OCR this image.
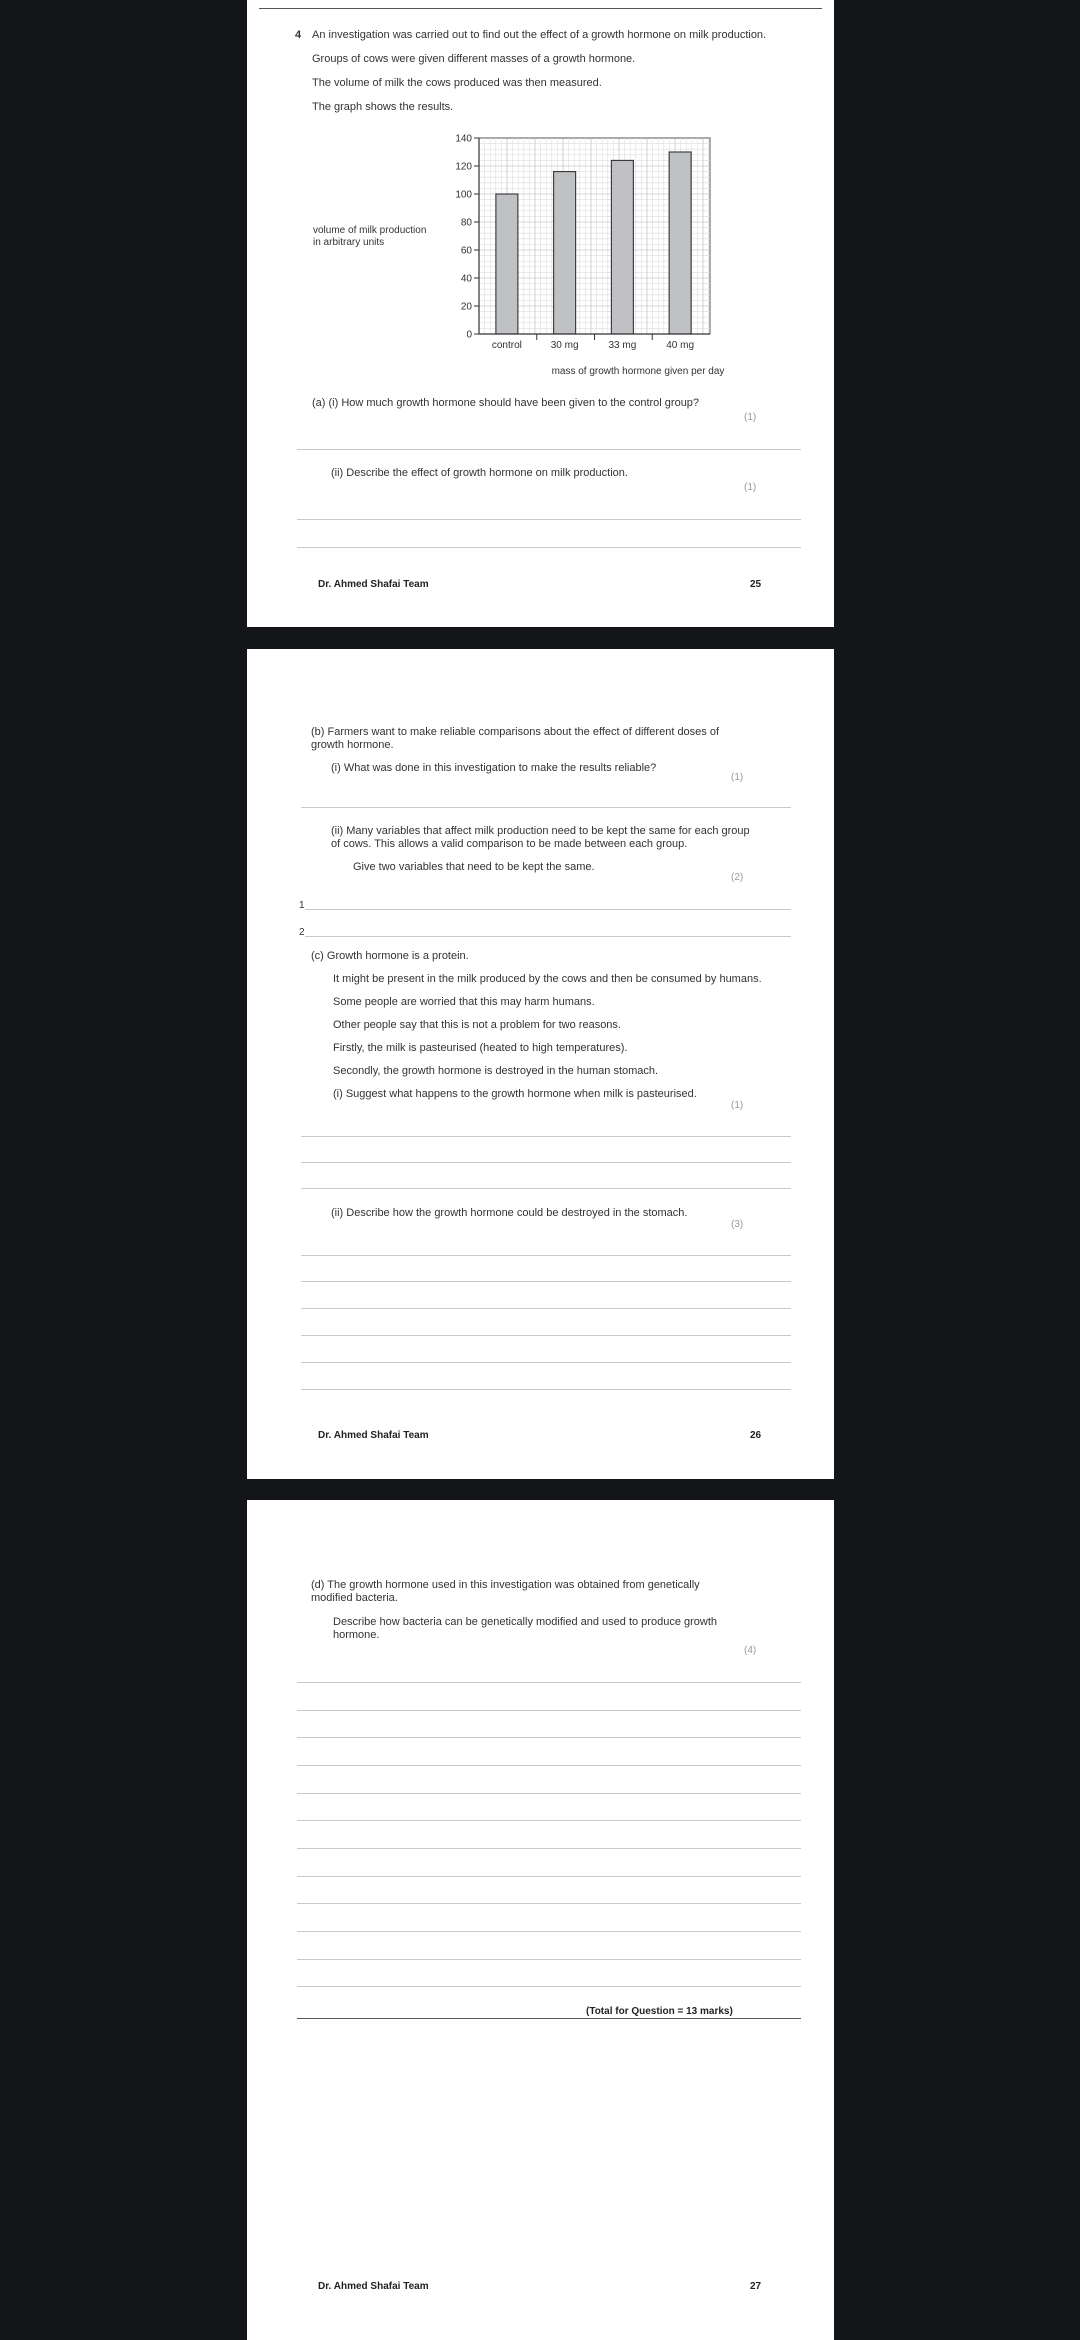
4 An investigation was carried out to find out the effect of a growth hormone on milk production.
Groups of cows were given different masses of a growth hormone.
The volume of milk the cows produced was then measured.
The graph shows the results.
volume of milk production
in arbitrary units
control	30 mg	33 mg	40 mg
0
20
40
60
80
100
120
140
mass of growth hormone given per day
(a) (i) How much growth hormone should have been given to the control group?
(1)
(ii) Describe the effect of growth hormone on milk production.
(1)
Dr. Ahmed Shafai Team	25
(b) Farmers want to make reliable comparisons about the effect of different doses of growth hormone.
(i) What was done in this investigation to make the results reliable?
(1)
(ii) Many variables that affect milk production need to be kept the same for each group of cows. This allows a valid comparison to be made between each group.
Give two variables that need to be kept the same.
(2)
1
2
(c) Growth hormone is a protein.
It might be present in the milk produced by the cows and then be consumed by humans.
Some people are worried that this may harm humans.
Other people say that this is not a problem for two reasons.
Firstly, the milk is pasteurised (heated to high temperatures).
Secondly, the growth hormone is destroyed in the human stomach.
(i) Suggest what happens to the growth hormone when milk is pasteurised.
(1)
(ii) Describe how the growth hormone could be destroyed in the stomach.
(3)
Dr. Ahmed Shafai Team	26
(d) The growth hormone used in this investigation was obtained from genetically modified bacteria.
Describe how bacteria can be genetically modified and used to produce growth hormone.
(4)
(Total for Question = 13 marks)
Dr. Ahmed Shafai Team	27
